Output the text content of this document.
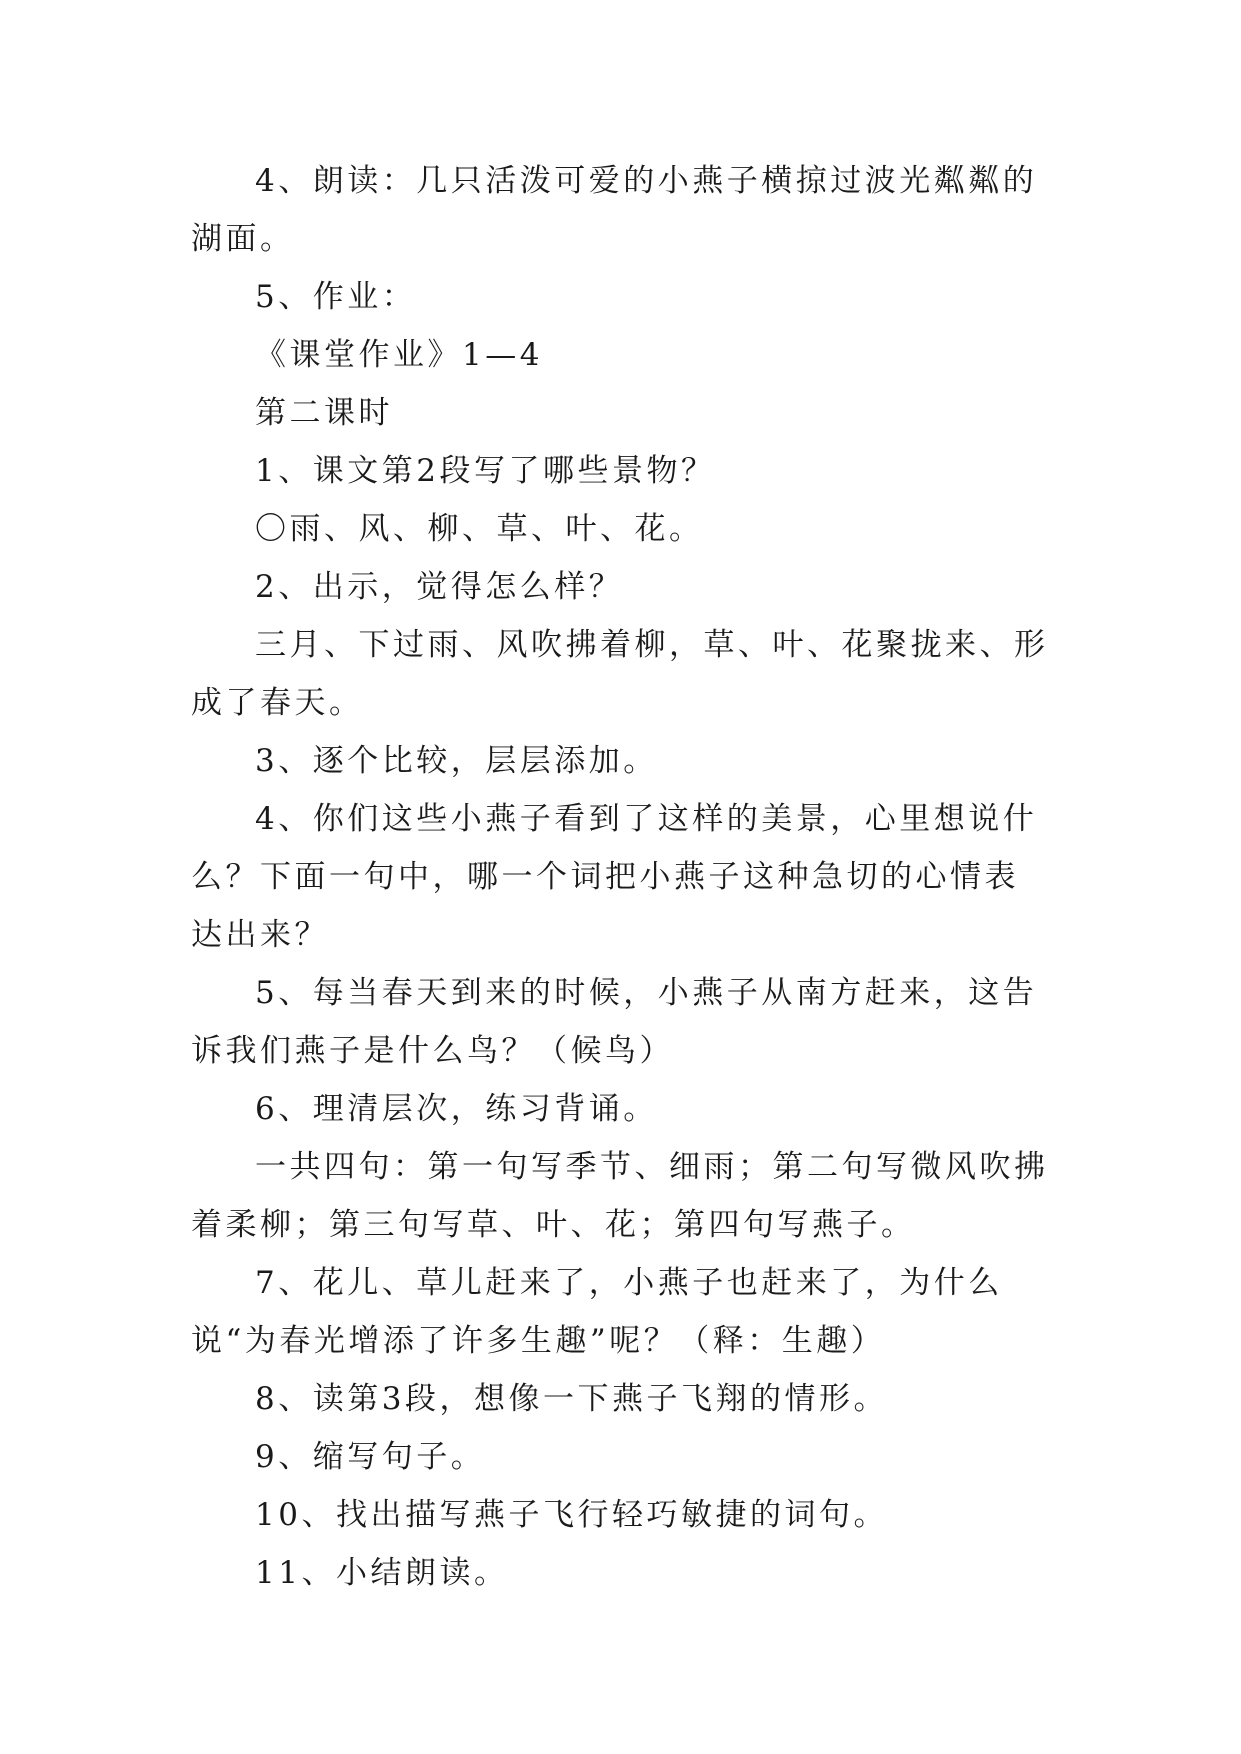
4、朗读：几只活泼可爱的小燕子横掠过波光粼粼的湖面。

5、作业：

《课堂作业》1—4

第二课时

1、课文第2段写了哪些景物？

〇雨、风、柳、草、叶、花。

2、出示，觉得怎么样？

三月、下过雨、风吹拂着柳，草、叶、花聚拢来、形成了春天。

3、逐个比较，层层添加。

4、你们这些小燕子看到了这样的美景，心里想说什么？下面一句中，哪一个词把小燕子这种急切的心情表达出来？

5、每当春天到来的时候，小燕子从南方赶来，这告诉我们燕子是什么鸟？（候鸟）

6、理清层次，练习背诵。

一共四句：第一句写季节、细雨；第二句写微风吹拂着柔柳；第三句写草、叶、花；第四句写燕子。

7、花儿、草儿赶来了，小燕子也赶来了，为什么说“为春光增添了许多生趣”呢？（释：生趣）

8、读第3段，想像一下燕子飞翔的情形。

9、缩写句子。

10、找出描写燕子飞行轻巧敏捷的词句。

11、小结朗读。
